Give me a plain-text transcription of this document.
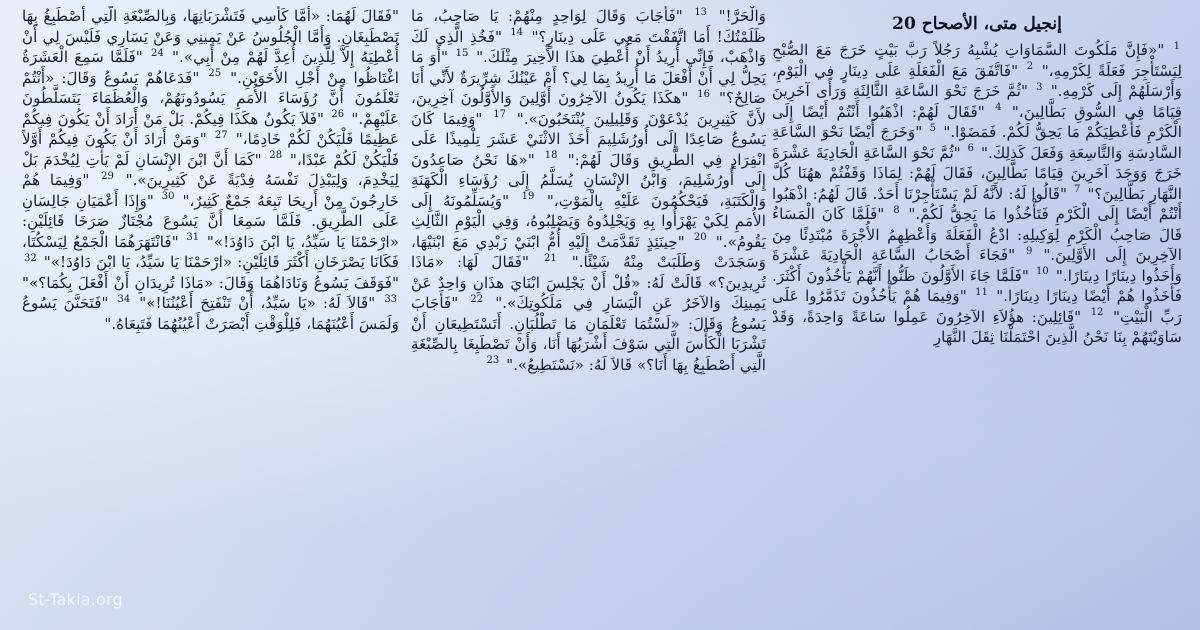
إنجيل متى، الأصحاح 20
$^1$ "«فَإِنَّ مَلَكُوتَ السَّمَاوَاتِ يُشْبِهُ رَجُلاً رَبَّ بَيْتٍ خَرَجَ مَعَ الصُّبْحِ لِيَسْتَأْجِرَ فَعَلَةً لِكَرْمِهِ،" $^2$ "فَاتَّفَقَ مَعَ الْفَعَلَةِ عَلَى دِينَارٍ فِي الْيَوْمِ، وَأَرْسَلَهُمْ إِلَى كَرْمِهِ." $^3$ "ثُمَّ خَرَجَ نَحْوَ السَّاعَةِ الثَّالِثَةِ وَرَأَى آخَرِينَ قِيَامًا فِي السُّوقِ بَطَّالِينَ،" $^4$ "فَقَالَ لَهُمْ: اذْهَبُوا أَنْتُمْ أَيْضًا إِلَى الْكَرْمِ فَأُعْطِيَكُمْ مَا يَحِقُّ لَكُمْ. فَمَضَوْا." $^5$ "وَخَرَجَ أَيْضًا نَحْوَ السَّاعَةِ السَّادِسَةِ وَالتَّاسِعَةِ وَفَعَلَ كَذلِكَ." $^6$ "ثُمَّ نَحْوَ السَّاعَةِ الْحَادِيَةَ عَشْرَةَ خَرَجَ وَوَجَدَ آخَرِينَ قِيَامًا بَطَّالِينَ، فَقَالَ لَهُمْ: لِمَاذَا وَقَفْتُمْ ههُنَا كُلَّ النَّهَارِ بَطَّالِينَ؟" $^7$ "قَالُوا لَهُ: لأَنَّهُ لَمْ يَسْتَأْجِرْنَا أَحَدٌ. قَالَ لَهُمُ: اذْهَبُوا أَنْتُمْ أَيْضًا إِلَى الْكَرْمِ فَتَأْخُذُوا مَا يَحِقُّ لَكُمْ." $^8$ "فَلَمَّا كَانَ الْمَسَاءُ قَالَ صَاحِبُ الْكَرْمِ لِوَكِيلِهِ: ادْعُ الْفَعَلَةَ وَأَعْطِهِمُ الأُجْرَةَ مُبْتَدِئًا مِنَ الآخِرِينَ إِلَى الأَوَّلِينَ." $^9$ "فَجَاءَ أَصْحَابُ السَّاعَةِ الْحَادِيَةَ عَشْرَةَ وَأَخَذُوا دِينَارًا دِينَارًا." $^{10}$ "فَلَمَّا جَاءَ الأَوَّلُونَ ظَنُّوا أَنَّهُمْ يَأْخُذُونَ أَكْثَرَ. فَأَخَذُوا هُمْ أَيْضًا دِينَارًا دِينَارًا." $^{11}$ "وَفِيمَا هُمْ يَأْخُذُونَ تَذَمَّرُوا عَلَى رَبِّ الْبَيْتِ" $^{12}$ "قَائِلِينَ: هؤُلاَءِ الآخِرُونَ عَمِلُوا سَاعَةً وَاحِدَةً، وَقَدْ سَاوَيْتَهُمْ بِنَا نَحْنُ الَّذِينَ احْتَمَلْنَا ثِقَلَ النَّهَارِ
وَالْحَرَّ!" $^{13}$ "فَأَجَابَ وَقَالَ لِوَاحِدٍ مِنْهُمْ: يَا صَاحِبُ، مَا ظَلَمْتُكَ! أَمَا اتَّفَقْتَ مَعِي عَلَى دِينَارٍ؟" $^{14}$ "فَخُذِ الَّذِي لَكَ وَاذْهَبْ، فَإِنِّي أُرِيدُ أَنْ أُعْطِيَ هذَا الأَخِيرَ مِثْلَكَ." $^{15}$ "أَوَ مَا يَحِلُّ لِي أَنْ أَفْعَلَ مَا أُرِيدُ بِمَا لِي؟ أَمْ عَيْنُكَ شِرِّيرَةٌ لأَنِّي أَنَا صَالِحٌ؟" $^{16}$ "هكَذَا يَكُونُ الآخِرُونَ أَوَّلِينَ وَالأَوَّلُونَ آخِرِينَ، لأَنَّ كَثِيرِينَ يُدْعَوْنَ وَقَلِيلِينَ يُنْتَخَبُونَ»." $^{17}$ "وَفِيمَا كَانَ يَسُوعُ صَاعِدًا إِلَى أُورُشَلِيمَ أَخَذَ الاثْنَيْ عَشَرَ تِلْمِيذًا عَلَى انْفِرَادٍ فِي الطَّرِيقِ وَقَالَ لَهُمْ:" $^{18}$ "«هَا نَحْنُ صَاعِدُونَ إِلَى أُورُشَلِيمَ، وَابْنُ الإِنْسَانِ يُسَلَّمُ إِلَى رُؤَسَاءِ الْكَهَنَةِ وَالْكَتَبَةِ، فَيَحْكُمُونَ عَلَيْهِ بِالْمَوْتِ،" $^{19}$ "وَيُسَلِّمُونَهُ إِلَى الأُمَمِ لِكَيْ يَهْزَأُوا بِهِ وَيَجْلِدُوهُ وَيَصْلِبُوهُ، وَفِي الْيَوْمِ الثَّالِثِ يَقُومُ»." $^{20}$ "حِينَئِذٍ تَقَدَّمَتْ إِلَيْهِ أُمُّ ابْنَيْ زَبْدِي مَعَ ابْنَيْهَا، وَسَجَدَتْ وَطَلَبَتْ مِنْهُ شَيْئًا." $^{21}$ "فَقَالَ لَهَا: «مَاذَا تُرِيدِينَ؟» قَالَتْ لَهُ: «قُلْ أَنْ يَجْلِسَ ابْنَايَ هذَانِ وَاحِدٌ عَنْ يَمِينِكَ وَالآخَرُ عَنِ الْيَسَارِ فِي مَلَكُوتِكَ»." $^{22}$ "فَأَجَابَ يَسُوعُ وَقَالَ: «لَسْتُمَا تَعْلَمَانِ مَا تَطْلُبَانِ. أَتَسْتَطِيعَانِ أَنْ تَشْرَبَا الْكَأْسَ الَّتِي سَوْفَ أَشْرَبُهَا أَنَا، وَأَنْ تَصْطَبِغَا بِالصِّبْغَةِ الَّتِي أَصْطَبِغُ بِهَا أَنَا؟» قَالاَ لَهُ: «نَسْتَطِيعُ»." $^{23}$
"فَقَالَ لَهُمَا: «أَمَّا كَأْسِي فَتَشْرَبَانِهَا، وَبِالصِّبْغَةِ الَّتِي أَصْطَبِغُ بِهَا تَصْطَبِغَانِ. وَأَمَّا الْجُلُوسُ عَنْ يَمِينِي وَعَنْ يَسَارِي فَلَيْسَ لِي أَنْ أُعْطِيَهُ إِلاَّ لِلَّذِينَ أُعِدَّ لَهُمْ مِنْ أَبِي»." $^{24}$ "فَلَمَّا سَمِعَ الْعَشَرَةُ اغْتَاظُوا مِنْ أَجْلِ الأَخَوَيْنِ." $^{25}$ "فَدَعَاهُمْ يَسُوعُ وَقَالَ: «أَنْتُمْ تَعْلَمُونَ أَنَّ رُؤَسَاءَ الأُمَمِ يَسُودُونَهُمْ، وَالْعُظَمَاءَ يَتَسَلَّطُونَ عَلَيْهِمْ." $^{26}$ "فَلاَ يَكُونُ هكَذَا فِيكُمْ. بَلْ مَنْ أَرَادَ أَنْ يَكُونَ فِيكُمْ عَظِيمًا فَلْيَكُنْ لَكُمْ خَادِمًا،" $^{27}$ "وَمَنْ أَرَادَ أَنْ يَكُونَ فِيكُمْ أَوَّلاً فَلْيَكُنْ لَكُمْ عَبْدًا،" $^{28}$ "كَمَا أَنَّ ابْنَ الإِنْسَانِ لَمْ يَأْتِ لِيُخْدَمَ بَلْ لِيَخْدِمَ، وَلِيَبْذِلَ نَفْسَهُ فِدْيَةً عَنْ كَثِيرِينَ»." $^{29}$ "وَفِيمَا هُمْ خَارِجُونَ مِنْ أَرِيحَا تَبِعَهُ جَمْعٌ كَثِيرٌ،" $^{30}$ "وَإِذَا أَعْمَيَانِ جَالِسَانِ عَلَى الطَّرِيقِ. فَلَمَّا سَمِعَا أَنَّ يَسُوعَ مُجْتَازٌ صَرَخَا قَائِلَيْنِ: «ارْحَمْنَا يَا سَيِّدُ، يَا ابْنَ دَاوُدَ!»" $^{31}$ "فَانْتَهَرَهُمَا الْجَمْعُ لِيَسْكُتَا، فَكَانَا يَصْرَخَانِ أَكْثَرَ قَائِلَيْنِ: «ارْحَمْنَا يَا سَيِّدُ، يَا ابْنَ دَاوُدَ!»" $^{32}$ "فَوَقَفَ يَسُوعُ وَنَادَاهُمَا وَقَالَ: «مَاذَا تُرِيدَانِ أَنْ أَفْعَلَ بِكُمَا؟»" $^{33}$ "قَالاَ لَهُ: «يَا سَيِّدُ، أَنْ تَنْفَتِحَ أَعْيُنُنَا!»" $^{34}$ "فَتَحَنَّنَ يَسُوعُ وَلَمَسَ أَعْيُنَهُمَا، فَلِلْوَقْتِ أَبْصَرَتْ أَعْيُنُهُمَا فَتَبِعَاهُ."
St-Takla.org
